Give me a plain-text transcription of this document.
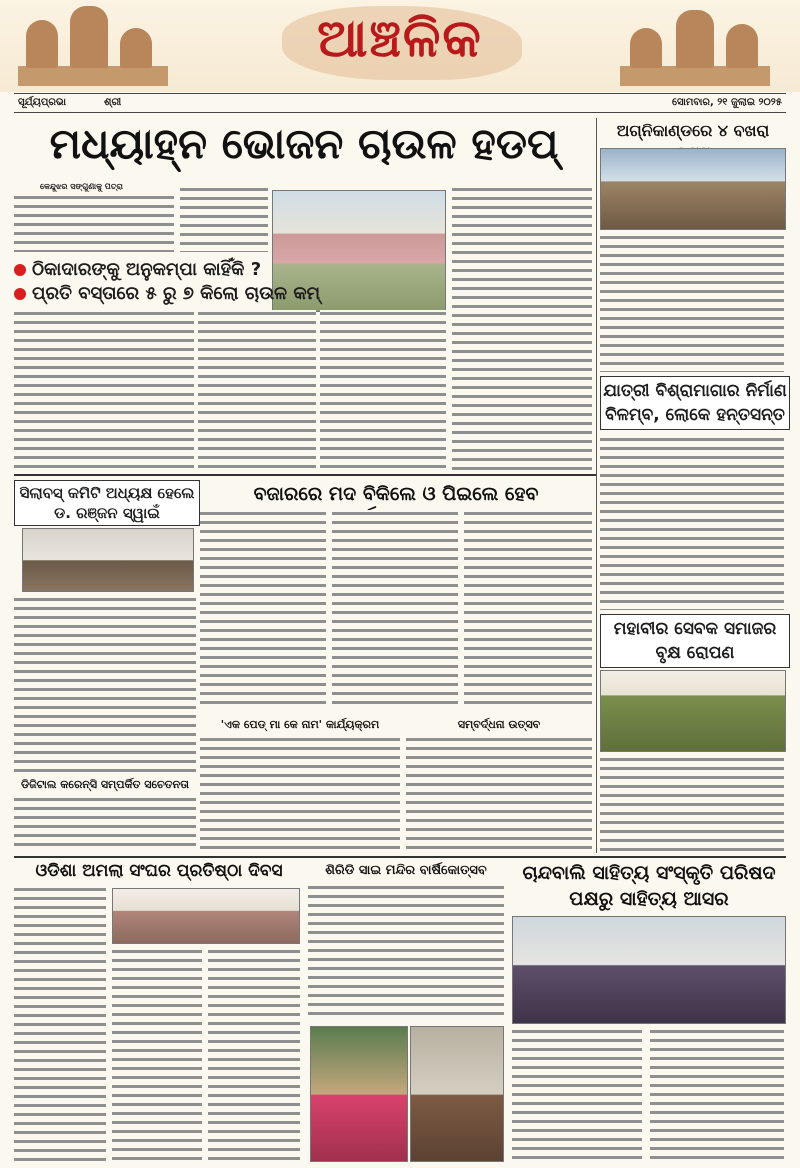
ଆଞ୍ଚଳିକ
ସୂର୍ଯ୍ୟପ୍ରଭା	ଶ୍ରୀ	ସୋମବାର, ୨୧ ଜୁଲାଇ ୨୦୨୫
ମଧ୍ୟାହ୍ନ ଭୋଜନ ଚାଉଳ ହଡପ୍
କେନ୍ଦୁଝର ସଙ୍ଗୁଣାକୁ ପତ୍ରା
ଠିକାଦାରଙ୍କୁ ଅନୁକମ୍ପା କାହିଁକି ?
ପ୍ରତି ବସ୍ତାରେ ୫ ରୁ ୭ କିଲୋ ଚାଉଳ କମ୍
ଅଗ୍ନିକାଣ୍ଡରେ ୪ ବଖରା
ଯାତ୍ରୀ ବିଶ୍ରାମାଗାର ନିର୍ମାଣ ବିଳମ୍ବ, ଲୋକେ ହନ୍ତସନ୍ତ
ସିଲାବସ୍ କମିଟି ଅଧ୍ୟକ୍ଷ ହେଲେ ଡ. ରଞ୍ଜନ ସ୍ୱାଇଁ
ବଜାରରେ ମଦ ବିକିଲେ ଓ ପିଇଲେ ହେବ
'ଏକ ପେଡ୍ ମା କେ ନାମ' କାର୍ଯ୍ୟକ୍ରମ	ସମ୍ବର୍ଦ୍ଧନା ଉତ୍ସବ
ମହାବୀର ସେବକ ସମାଜର ବୃକ୍ଷ ରୋପଣ
ଡିଜିଟାଲ କରେନ୍ସି ସମ୍ପର୍କିତ ସଚେତନତା
ଓଡିଶା ଅମଲା ସଂଘର ପ୍ରତିଷ୍ଠା ଦିବସ	ଶିରିଡି ସାଇ ମନ୍ଦିର ବାର୍ଷିକୋତ୍ସବ	ଚାନ୍ଦବାଲି ସାହିତ୍ୟ ସଂସ୍କୃତି ପରିଷଦ ପକ୍ଷରୁ ସାହିତ୍ୟ ଆସର
